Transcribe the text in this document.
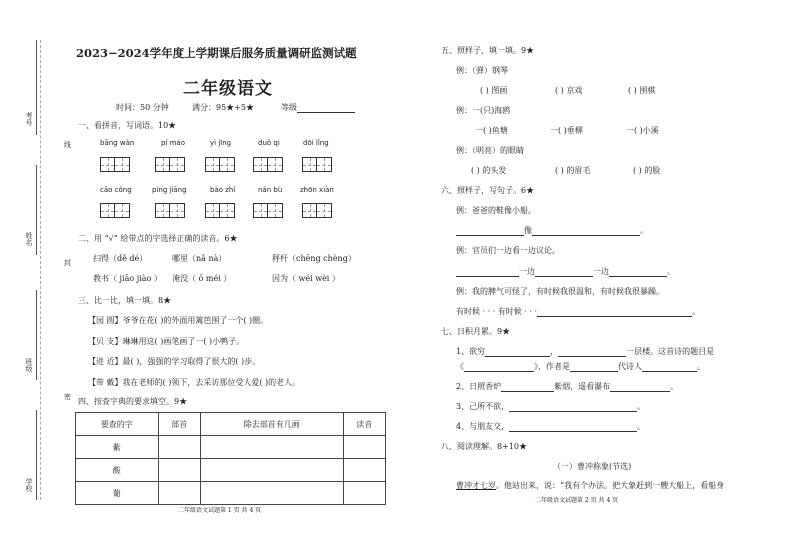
考号
姓名
班级
学校
线
封
密
2023−2024学年度上学期课后服务质量调研监测试题
二年级语文
时间：50 分钟	满分：95★+5★	等级
一、看拼音，写词语。10★
bāng wàn	pí máo	yì jīng	duǒ qi	dōi lǐng
cāo cǒng	píng jiāng	bào zhǐ	nán bù	zhōn xiàn
二、用 “√” 给带点的字选择正确的读音。6★
扫得（dě dé）	哪里（nǎ nà）	秤杆（chēng chèng）
教书（ jiāo jiào ） 淹没（ ō méi ）	因为（ wéi wèi ）
三、比一比，填一填。8★
【园 圆】爷爷在花( )的外面用篱笆围了一个( )圈。
【贝 支】琳琳用这( )画笔画了一( )小鸭子。
【进 近】最( )，强强的学习取得了很大的( )步。
【带 戴】我在老师的( )领下，去采访那位受人爱( )的老人。
四、按查字典的要求填空。9★
要查的字	部首	除去部首有几画	读音
紫			
酸			
葡			
二年级语文试题第 1 页 共 4 页
五、照样子，填一填。9★
例：（弹）钢琴
( ) 图画	( ) 京戏	( ) 围棋
例：一(只)海鸥
一( )鱼塘	一( )垂柳	一( )小溪
例：（明亮）的眼睛
( ) 的头发	( ) 的眉毛	( ) 的脸
六、照样子，写句子。6★
例：爸爸的鞋像小船。
像	。
例：官员们一边看一边议论。
一边	一边	。
例：我的脾气可怪了，有时候我很温和，有时候我很暴躁。
有时候 · · · 有时候 · · ·	。
七、日积月累。9★
1、欲穷	，	一层楼。这首诗的题目是
《	》，作者是	代诗人	。
2、日照香炉	紫烟，遥看瀑布	。
3、己所不欲，	。
4、与朋友交，	。
八、阅读理解。8+10★
（一）曹冲称象(节选)
曹冲才七岁。他站出来，说：“我有个办法。把大象赶到一艘大船上，看船身
二年级语文试题第 2 页 共 4 页
